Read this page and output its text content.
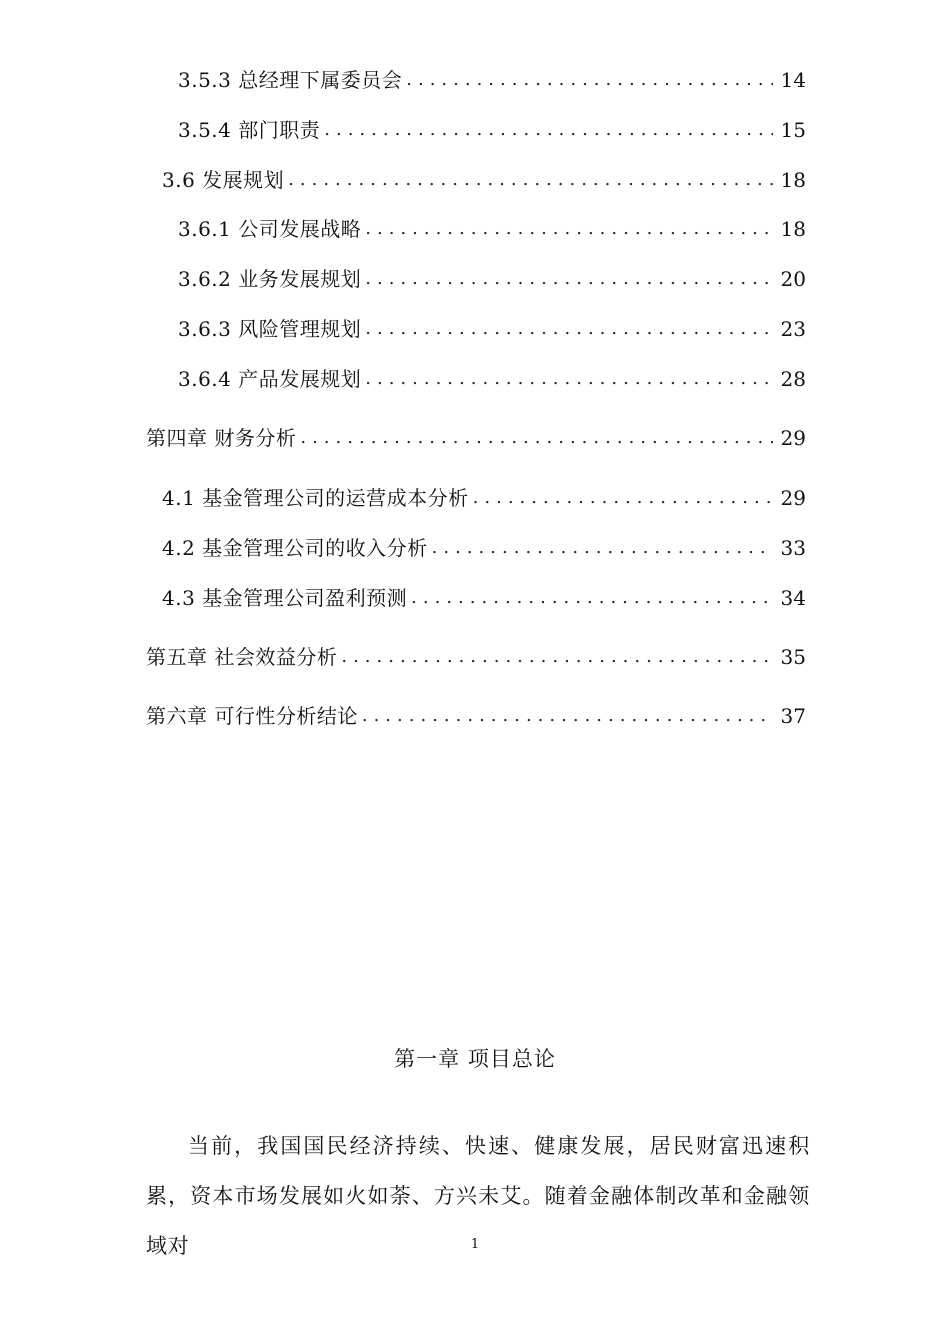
3.5.3 总经理下属委员会 .....	14
3.5.4 部门职责 .....	15
3.6 发展规划 .....	18
3.6.1 公司发展战略 .....	18
3.6.2 业务发展规划 .....	20
3.6.3 风险管理规划 .....	23
3.6.4 产品发展规划 .....	28
第四章 财务分析 .....	29
4.1 基金管理公司的运营成本分析 .....	29
4.2 基金管理公司的收入分析 .....	33
4.3 基金管理公司盈利预测 .....	34
第五章 社会效益分析 .....	35
第六章 可行性分析结论 .....	37
第一章 项目总论

当前，我国国民经济持续、快速、健康发展，居民财富迅速积累，资本市场发展如火如荼、方兴未艾。随着金融体制改革和金融领域对	1
